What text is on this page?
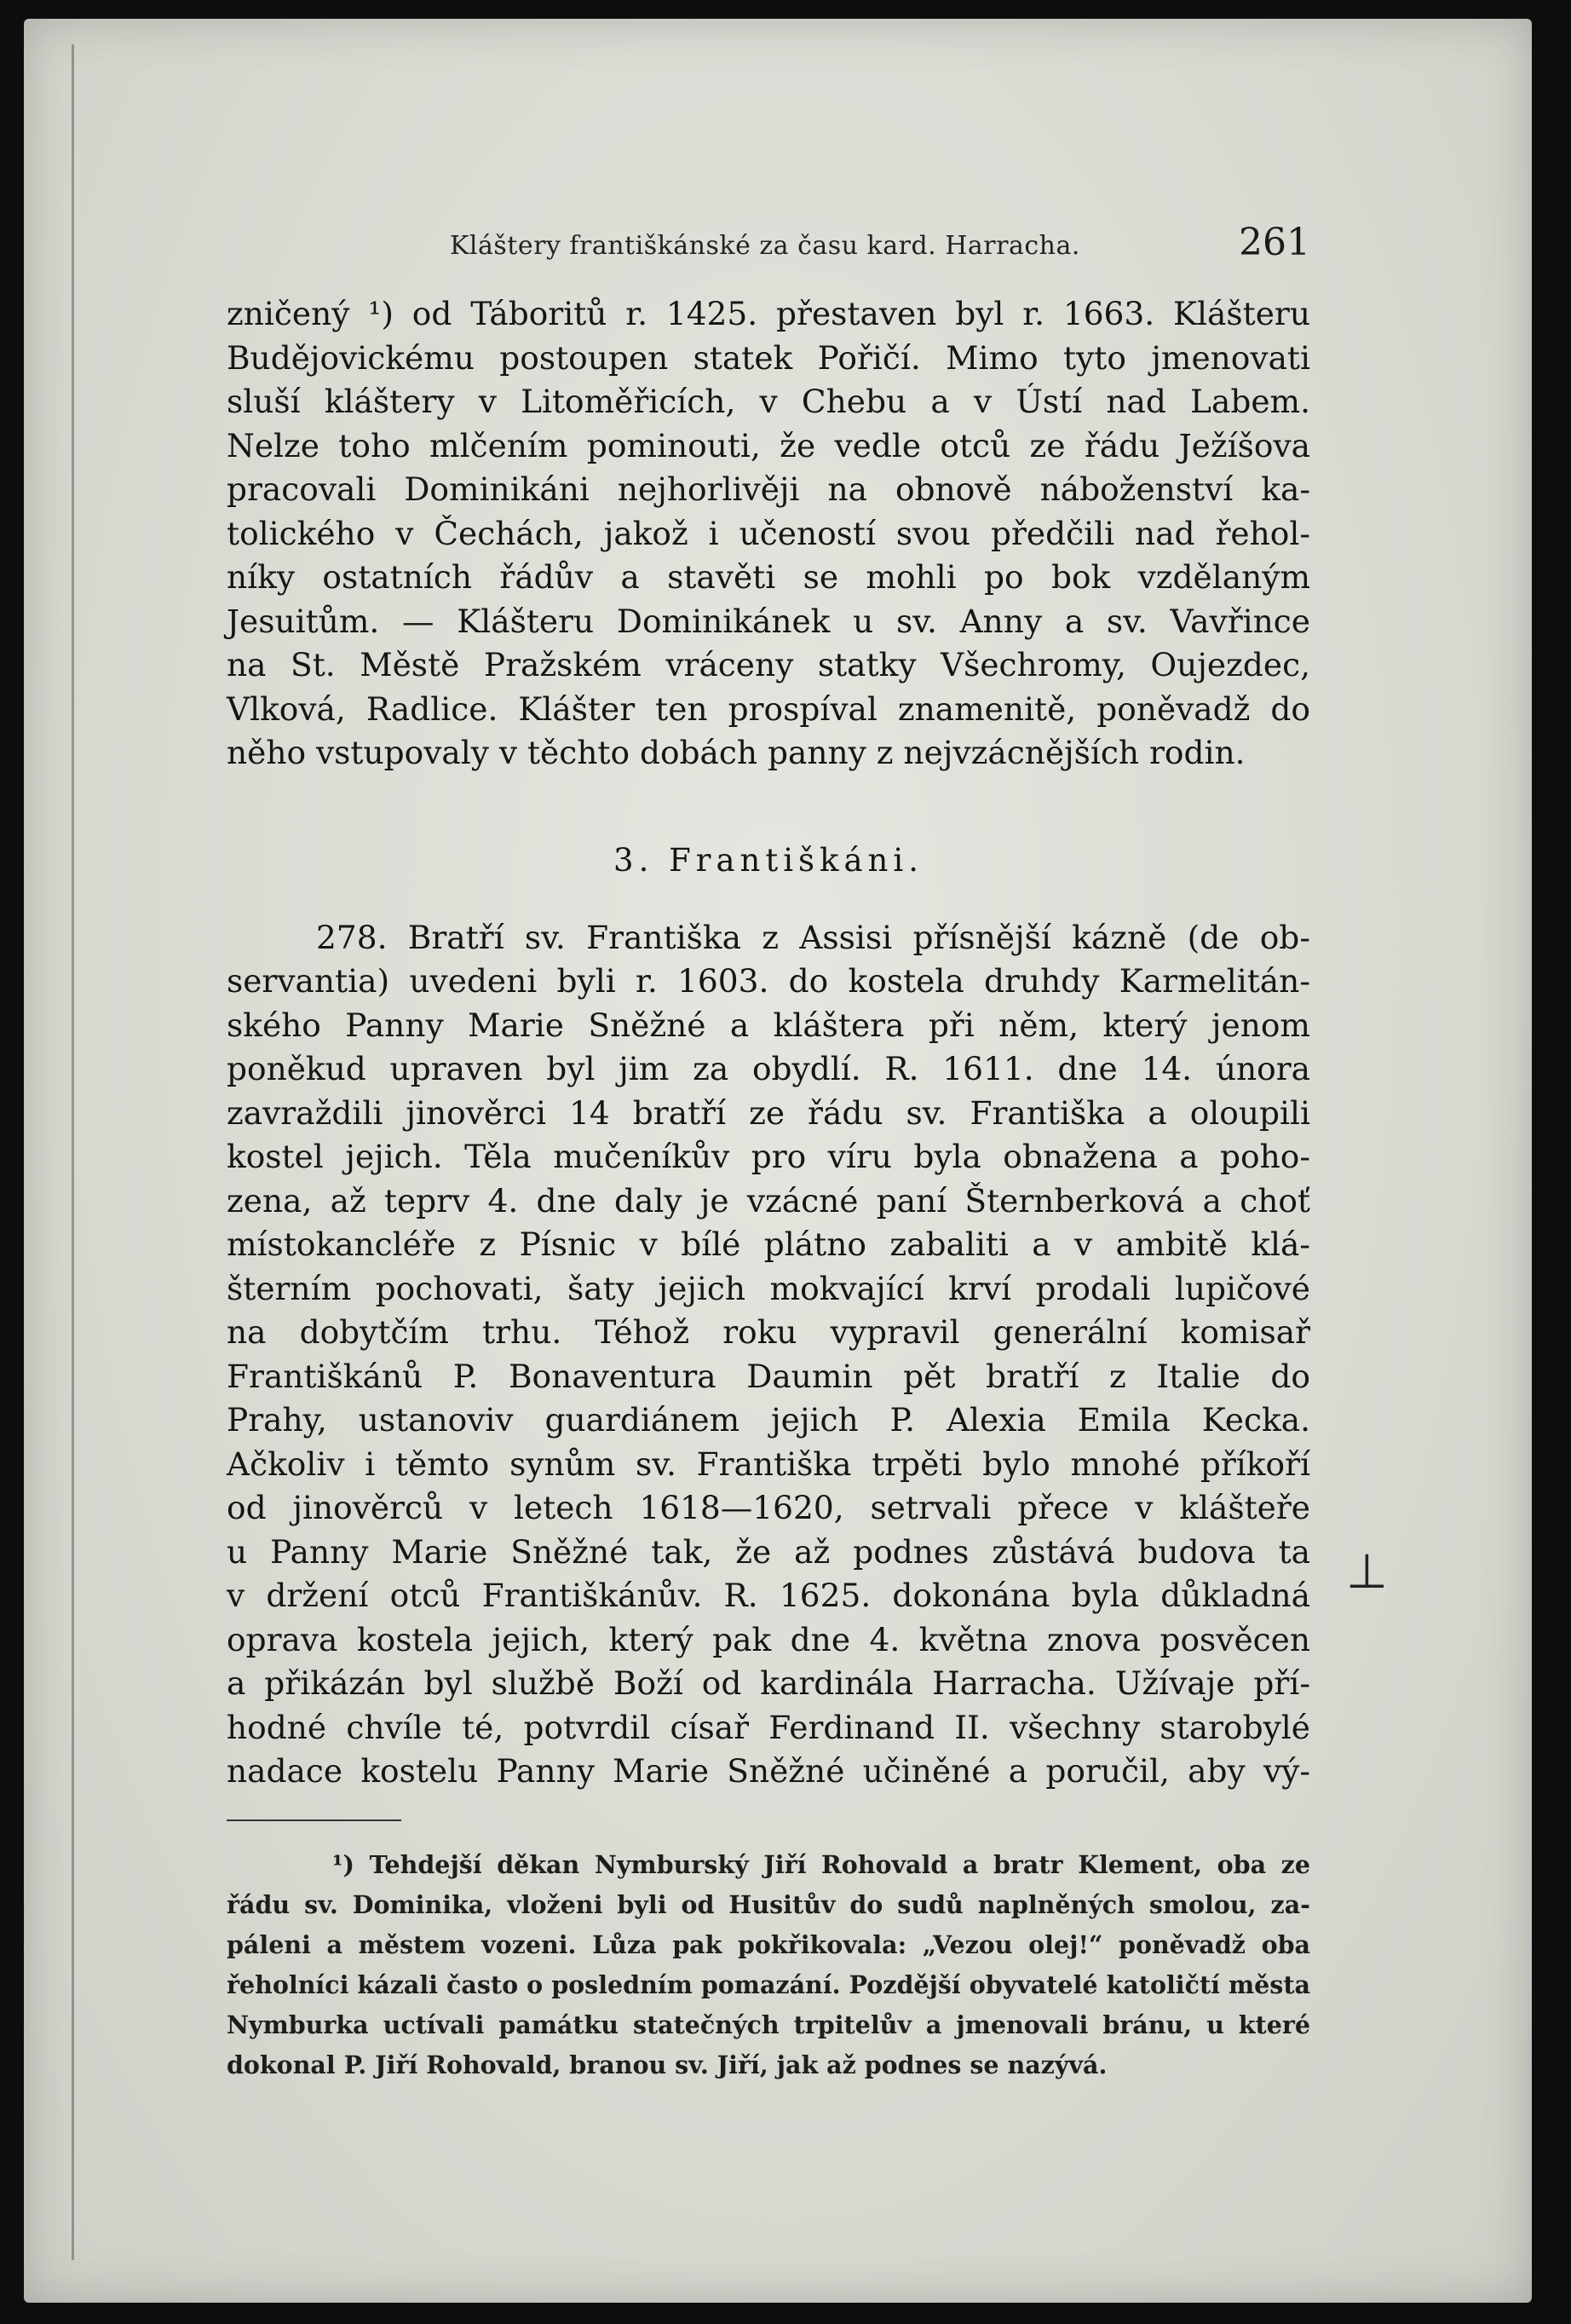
Kláštery františkánské za času kard. Harracha.	261
zničený ¹) od Táboritů r. 1425. přestaven byl r. 1663. Klášteru
Budějovickému postoupen statek Pořičí. Mimo tyto jmenovati
sluší kláštery v Litoměřicích, v Chebu a v Ústí nad Labem.
Nelze toho mlčením pominouti, že vedle otců ze řádu Ježíšova
pracovali Dominikáni nejhorlivěji na obnově náboženství ka-
tolického v Čechách, jakož i učeností svou předčili nad řehol-
níky ostatních řádův a stavěti se mohli po bok vzdělaným
Jesuitům. — Klášteru Dominikánek u sv. Anny a sv. Vavřince
na St. Městě Pražském vráceny statky Všechromy, Oujezdec,
Vlková, Radlice. Klášter ten prospíval znamenitě, poněvadž do
něho vstupovaly v těchto dobách panny z nejvzácnějších rodin.
3. Františkáni.
278. Bratří sv. Františka z Assisi přísnější kázně (de ob-
servantia) uvedeni byli r. 1603. do kostela druhdy Karmelitán-
ského Panny Marie Sněžné a kláštera při něm, který jenom
poněkud upraven byl jim za obydlí. R. 1611. dne 14. února
zavraždili jinověrci 14 bratří ze řádu sv. Františka a oloupili
kostel jejich. Těla mučeníkův pro víru byla obnažena a poho-
zena, až teprv 4. dne daly je vzácné paní Šternberková a choť
místokancléře z Písnic v bílé plátno zabaliti a v ambitě klá-
šterním pochovati, šaty jejich mokvající krví prodali lupičové
na dobytčím trhu. Téhož roku vypravil generální komisař
Františkánů P. Bonaventura Daumin pět bratří z Italie do
Prahy, ustanoviv guardiánem jejich P. Alexia Emila Kecka.
Ačkoliv i těmto synům sv. Františka trpěti bylo mnohé příkoří
od jinověrců v letech 1618—1620, setrvali přece v klášteře
u Panny Marie Sněžné tak, že až podnes zůstává budova ta
v držení otců Františkánův. R. 1625. dokonána byla důkladná
oprava kostela jejich, který pak dne 4. května znova posvěcen
a přikázán byl službě Boží od kardinála Harracha. Užívaje pří-
hodné chvíle té, potvrdil císař Ferdinand II. všechny starobylé
nadace kostelu Panny Marie Sněžné učiněné a poručil, aby vý-
¹) Tehdejší děkan Nymburský Jiří Rohovald a bratr Klement, oba ze
řádu sv. Dominika, vloženi byli od Husitův do sudů naplněných smolou, za-
páleni a městem vozeni. Lůza pak pokřikovala: „Vezou olej!“ poněvadž oba
řeholníci kázali často o posledním pomazání. Pozdější obyvatelé katoličtí města
Nymburka uctívali památku statečných trpitelův a jmenovali bránu, u které
dokonal P. Jiří Rohovald, branou sv. Jiří, jak až podnes se nazývá.
⊥
